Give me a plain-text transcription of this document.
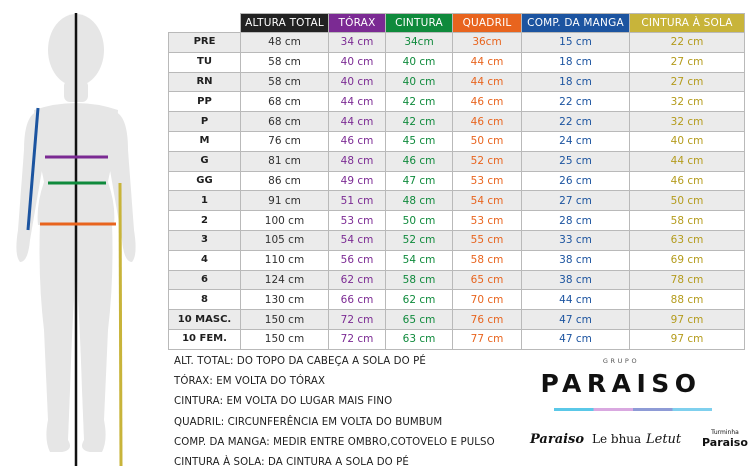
	ALTURA TOTAL	TÓRAX	CINTURA	QUADRIL	COMP. DA MANGA	CINTURA À SOLA
PRE	48 cm	34 cm	34cm	36cm	15 cm	22 cm
TU	58 cm	40 cm	40 cm	44 cm	18 cm	27 cm
RN	58 cm	40 cm	40 cm	44 cm	18 cm	27 cm
PP	68 cm	44 cm	42 cm	46 cm	22 cm	32 cm
P	68 cm	44 cm	42 cm	46 cm	22 cm	32 cm
M	76 cm	46 cm	45 cm	50 cm	24 cm	40 cm
G	81 cm	48 cm	46 cm	52 cm	25 cm	44 cm
GG	86 cm	49 cm	47 cm	53 cm	26 cm	46 cm
1	91 cm	51 cm	48 cm	54 cm	27 cm	50 cm
2	100 cm	53 cm	50 cm	53 cm	28 cm	58 cm
3	105 cm	54 cm	52 cm	55 cm	33 cm	63 cm
4	110 cm	56 cm	54 cm	58 cm	38 cm	69 cm
6	124 cm	62 cm	58 cm	65 cm	38 cm	78 cm
8	130 cm	66 cm	62 cm	70 cm	44 cm	88 cm
10 MASC.	150 cm	72 cm	65 cm	76 cm	47 cm	97 cm
10 FEM.	150 cm	72 cm	63 cm	77 cm	47 cm	97 cm
ALT. TOTAL: DO TOPO DA CABEÇA A SOLA DO PÉ
TÓRAX: EM VOLTA DO TÓRAX
CINTURA: EM VOLTA DO LUGAR MAIS FINO
QUADRIL: CIRCUNFERÊNCIA EM VOLTA DO BUMBUM
COMP. DA MANGA: MEDIR ENTRE OMBRO,COTOVELO E PULSO
CINTURA À SOLA: DA CINTURA A SOLA DO PÉ
GRUPO
PARAISO
Paraiso Le bhua Letut	Turminha
Paraiso
